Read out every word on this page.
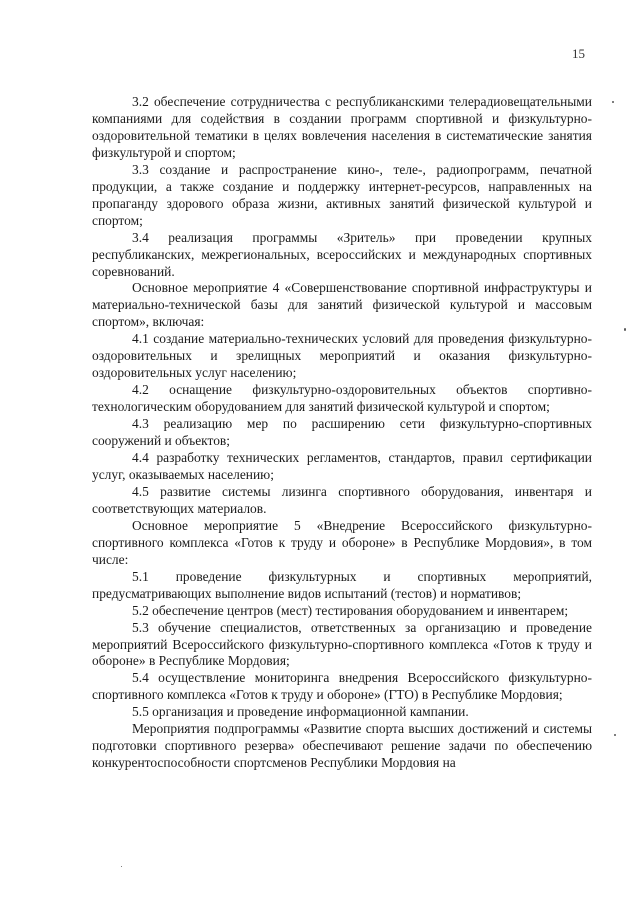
15

3.2 обеспечение сотрудничества с республиканскими телерадиовещательными компаниями для содействия в создании программ спортивной и физкультурно-оздоровительной тематики в целях вовлечения населения в систематические занятия физкультурой и спортом;

3.3 создание и распространение кино-, теле-, радиопрограмм, печатной продукции, а также создание и поддержку интернет-ресурсов, направленных на пропаганду здорового образа жизни, активных занятий физической культурой и спортом;

3.4 реализация программы «Зритель» при проведении крупных республиканских, межрегиональных, всероссийских и международных спортивных соревнований.

Основное мероприятие 4 «Совершенствование спортивной инфраструктуры и материально-технической базы для занятий физической культурой и массовым спортом», включая:

4.1 создание материально-технических условий для проведения физкультурно-оздоровительных и зрелищных мероприятий и оказания физкультурно-оздоровительных услуг населению;

4.2 оснащение физкультурно-оздоровительных объектов спортивно-технологическим оборудованием для занятий физической культурой и спортом;

4.3 реализацию мер по расширению сети физкультурно-спортивных сооружений и объектов;

4.4 разработку технических регламентов, стандартов, правил сертификации услуг, оказываемых населению;

4.5 развитие системы лизинга спортивного оборудования, инвентаря и соответствующих материалов.

Основное мероприятие 5 «Внедрение Всероссийского физкультурно-спортивного комплекса «Готов к труду и обороне» в Республике Мордовия», в том числе:

5.1 проведение физкультурных и спортивных мероприятий, предусматривающих выполнение видов испытаний (тестов) и нормативов;

5.2 обеспечение центров (мест) тестирования оборудованием и инвентарем;

5.3 обучение специалистов, ответственных за организацию и проведение мероприятий Всероссийского физкультурно-спортивного комплекса «Готов к труду и обороне» в Республике Мордовия;

5.4 осуществление мониторинга внедрения Всероссийского физкультурно-спортивного комплекса «Готов к труду и обороне» (ГТО) в Республике Мордовия;

5.5 организация и проведение информационной кампании.

Мероприятия подпрограммы «Развитие спорта высших достижений и системы подготовки спортивного резерва» обеспечивают решение задачи по обеспечению конкурентоспособности спортсменов Республики Мордовия на
